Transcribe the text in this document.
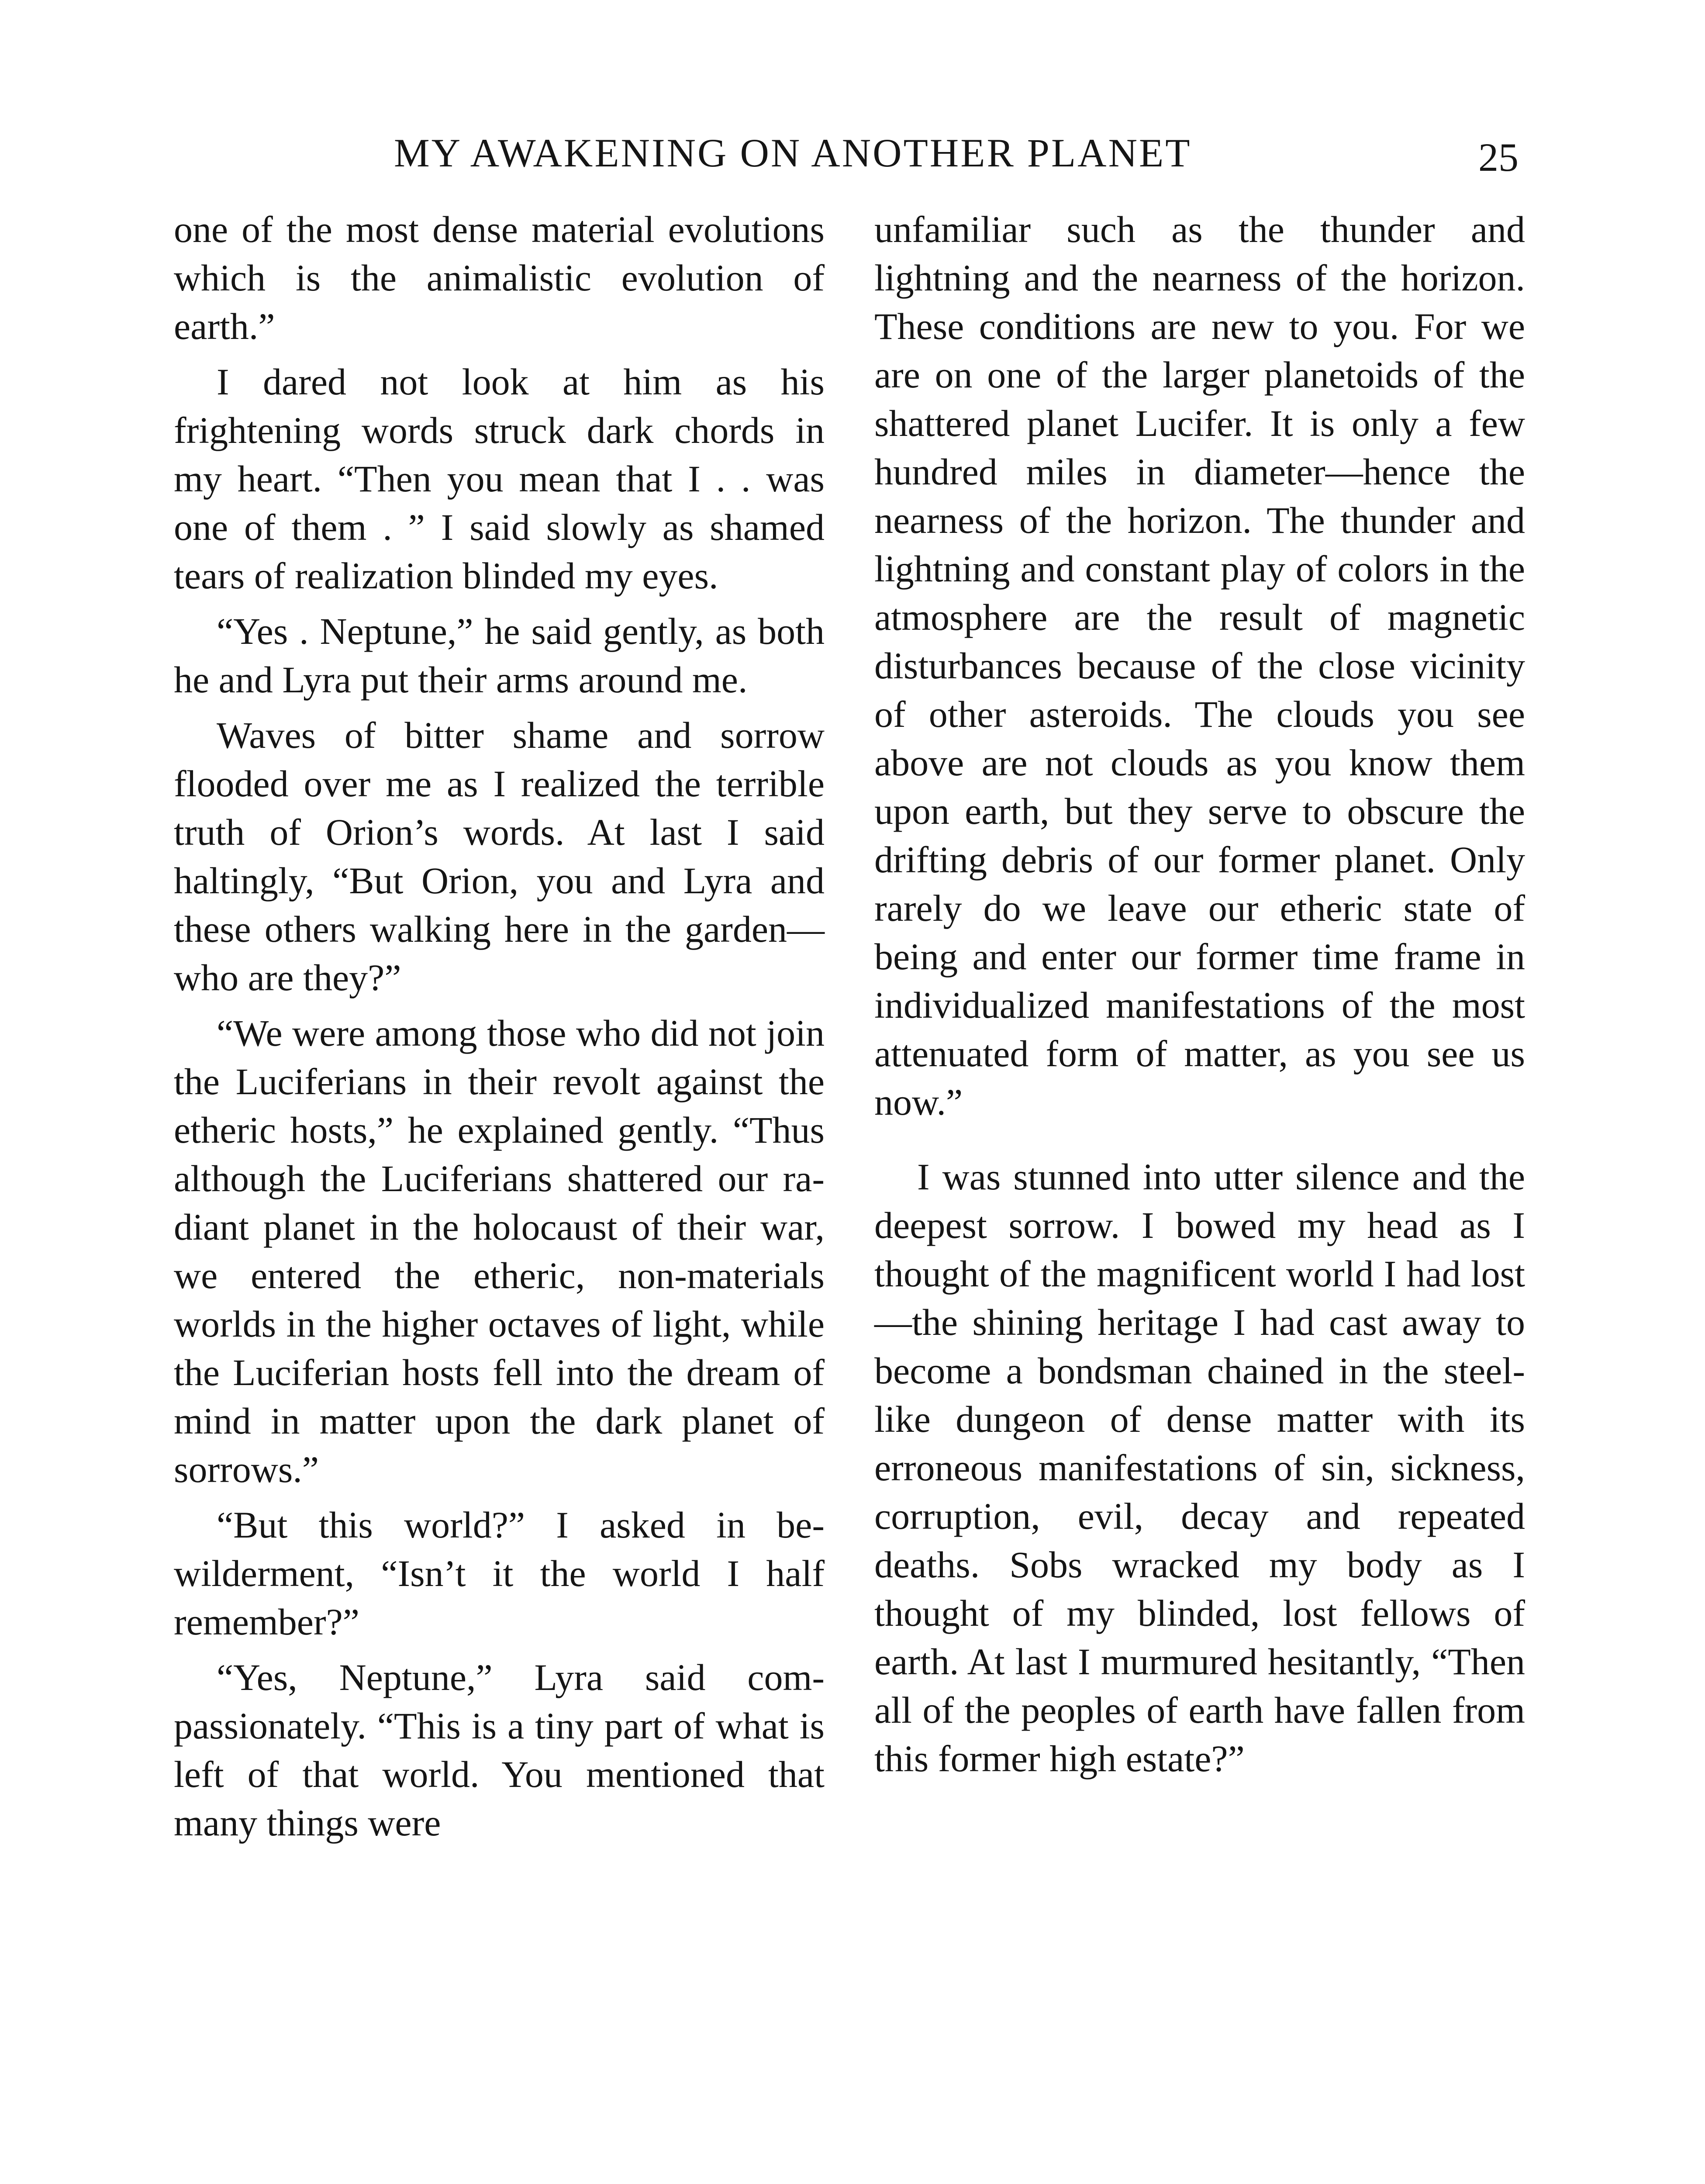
MY AWAKENING ON ANOTHER PLANET	25

one of the most dense material evolutions which is the animalistic evolution of earth.”

I dared not look at him as his frightening words struck dark chords in my heart. “Then you mean that I . . was one of them . ” I said slowly as shamed tears of realization blinded my eyes.

“Yes . Neptune,” he said gently, as both he and Lyra put their arms around me.

Waves of bitter shame and sorrow flooded over me as I realized the terrible truth of Orion’s words. At last I said haltingly, “But Orion, you and Lyra and these others walking here in the garden—who are they?”

“We were among those who did not join the Luciferians in their revolt against the etheric hosts,” he explained gently. “Thus although the Luciferians shattered our radiant planet in the holocaust of their war, we entered the etheric, non-materials worlds in the higher octaves of light, while the Luciferian hosts fell into the dream of mind in matter upon the dark planet of sorrows.”

“But this world?” I asked in bewilderment, “Isn’t it the world I half remember?”

“Yes, Neptune,” Lyra said compassionately. “This is a tiny part of what is left of that world. You mentioned that many things were

unfamiliar such as the thunder and lightning and the nearness of the horizon. These conditions are new to you. For we are on one of the larger planetoids of the shattered planet Lucifer. It is only a few hundred miles in diameter—hence the nearness of the horizon. The thunder and lightning and constant play of colors in the atmosphere are the result of magnetic disturbances because of the close vicinity of other asteroids. The clouds you see above are not clouds as you know them upon earth, but they serve to obscure the drifting debris of our former planet. Only rarely do we leave our etheric state of being and enter our former time frame in individualized manifestations of the most attenuated form of matter, as you see us now.”

I was stunned into utter silence and the deepest sorrow. I bowed my head as I thought of the magnificent world I had lost—the shining heritage I had cast away to become a bondsman chained in the steel-like dungeon of dense matter with its erroneous manifestations of sin, sickness, corruption, evil, decay and repeated deaths. Sobs wracked my body as I thought of my blinded, lost fellows of earth. At last I murmured hesitantly, “Then all of the peoples of earth have fallen from this former high estate?”
